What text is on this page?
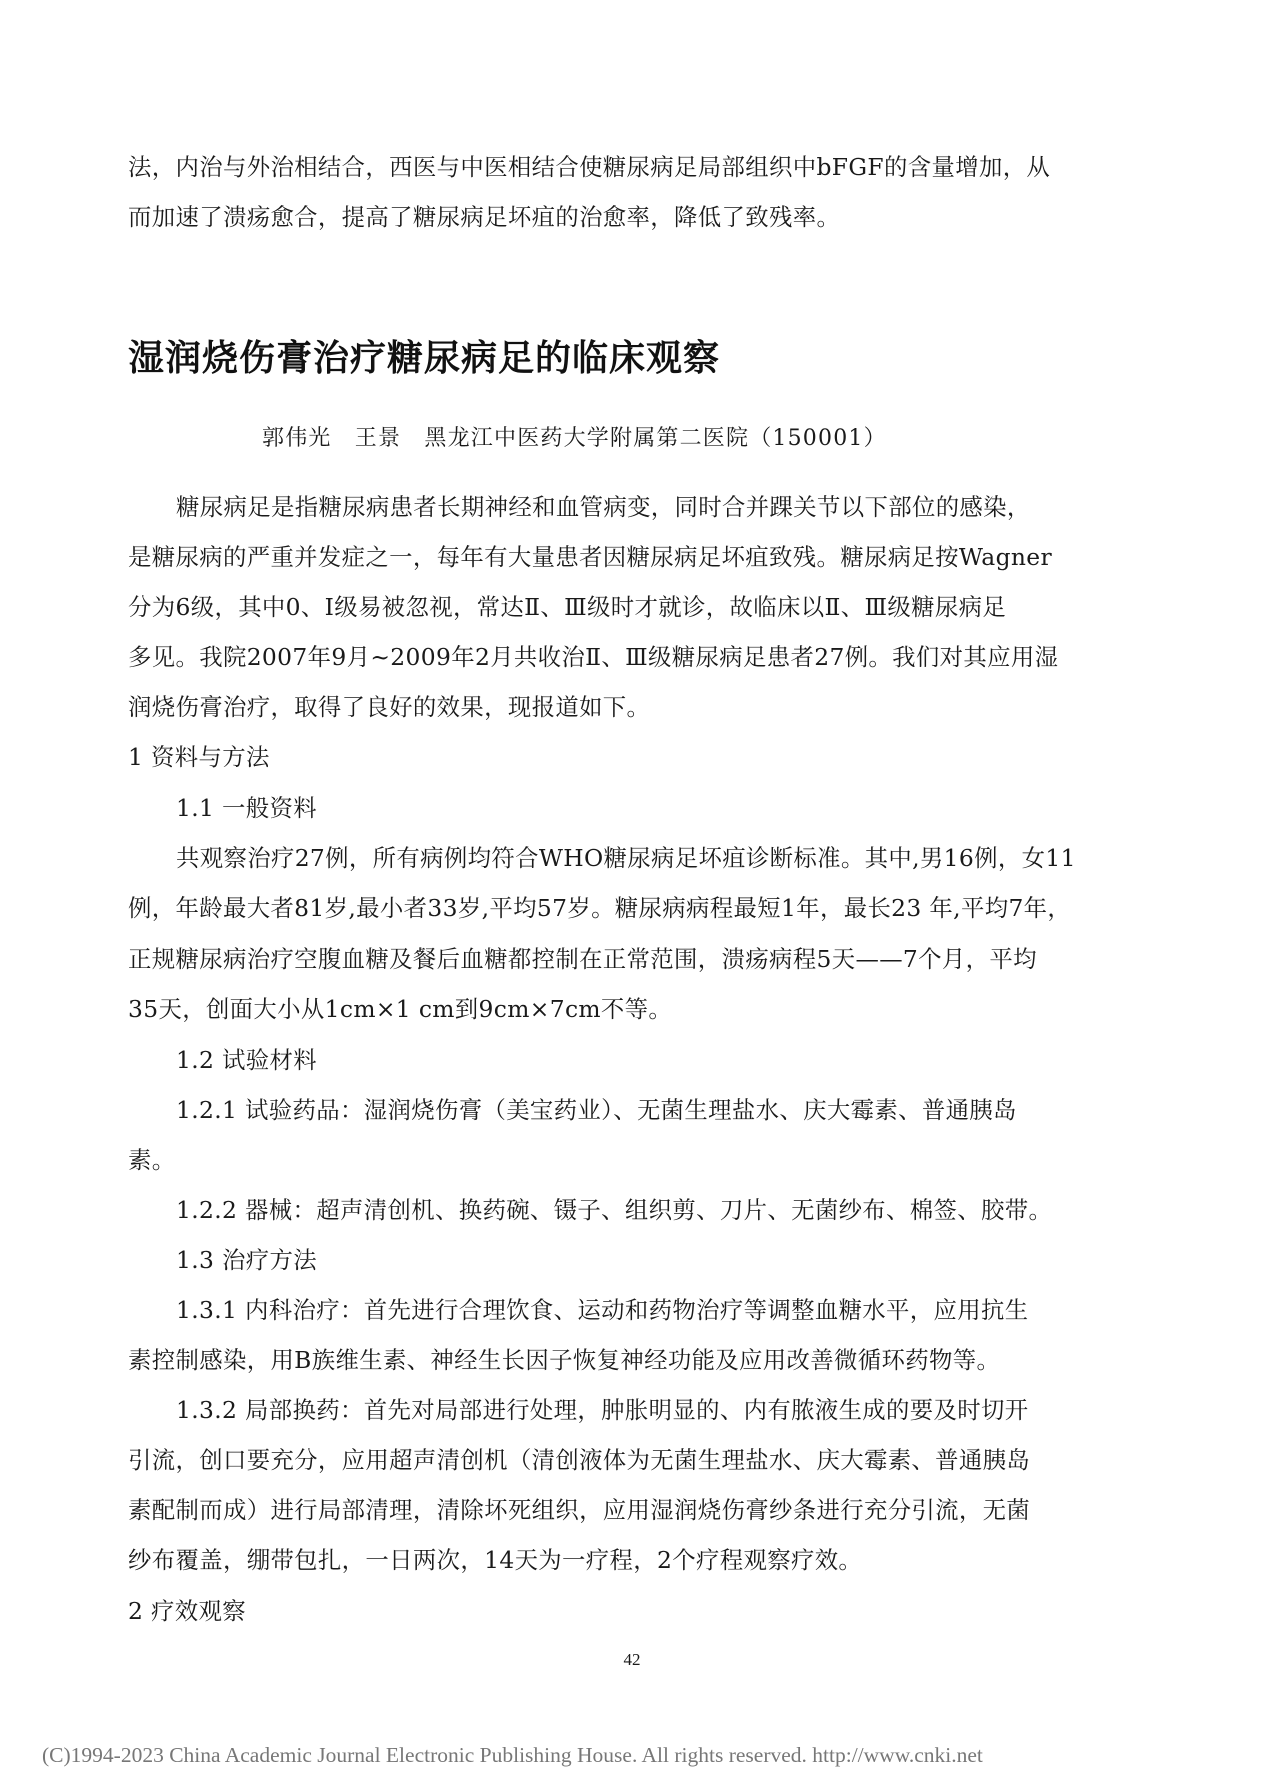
法，内治与外治相结合，西医与中医相结合使糖尿病足局部组织中bFGF的含量增加，从
而加速了溃疡愈合，提高了糖尿病足坏疽的治愈率，降低了致残率。
湿润烧伤膏治疗糖尿病足的临床观察
郭伟光　王景　黑龙江中医药大学附属第二医院（150001）
糖尿病足是指糖尿病患者长期神经和血管病变，同时合并踝关节以下部位的感染，
是糖尿病的严重并发症之一，每年有大量患者因糖尿病足坏疽致残。糖尿病足按Wagner
分为6级，其中0、Ⅰ级易被忽视，常达Ⅱ、Ⅲ级时才就诊，故临床以Ⅱ、Ⅲ级糖尿病足
多见。我院2007年9月~2009年2月共收治Ⅱ、Ⅲ级糖尿病足患者27例。我们对其应用湿
润烧伤膏治疗，取得了良好的效果，现报道如下。
1 资料与方法
1.1 一般资料
共观察治疗27例，所有病例均符合WHO糖尿病足坏疽诊断标准。其中,男16例，女11
例，年龄最大者81岁,最小者33岁,平均57岁。糖尿病病程最短1年，最长23 年,平均7年，
正规糖尿病治疗空腹血糖及餐后血糖都控制在正常范围，溃疡病程5天——7个月，平均
35天，创面大小从1cm×1 cm到9cm×7cm不等。
1.2 试验材料
1.2.1 试验药品：湿润烧伤膏（美宝药业）、无菌生理盐水、庆大霉素、普通胰岛
素。
1.2.2 器械：超声清创机、换药碗、镊子、组织剪、刀片、无菌纱布、棉签、胶带。
1.3 治疗方法
1.3.1 内科治疗：首先进行合理饮食、运动和药物治疗等调整血糖水平，应用抗生
素控制感染，用B族维生素、神经生长因子恢复神经功能及应用改善微循环药物等。
1.3.2 局部换药：首先对局部进行处理，肿胀明显的、内有脓液生成的要及时切开
引流，创口要充分，应用超声清创机（清创液体为无菌生理盐水、庆大霉素、普通胰岛
素配制而成）进行局部清理，清除坏死组织，应用湿润烧伤膏纱条进行充分引流，无菌
纱布覆盖，绷带包扎，一日两次，14天为一疗程，2个疗程观察疗效。
2 疗效观察
42
(C)1994-2023 China Academic Journal Electronic Publishing House. All rights reserved. http://www.cnki.net
